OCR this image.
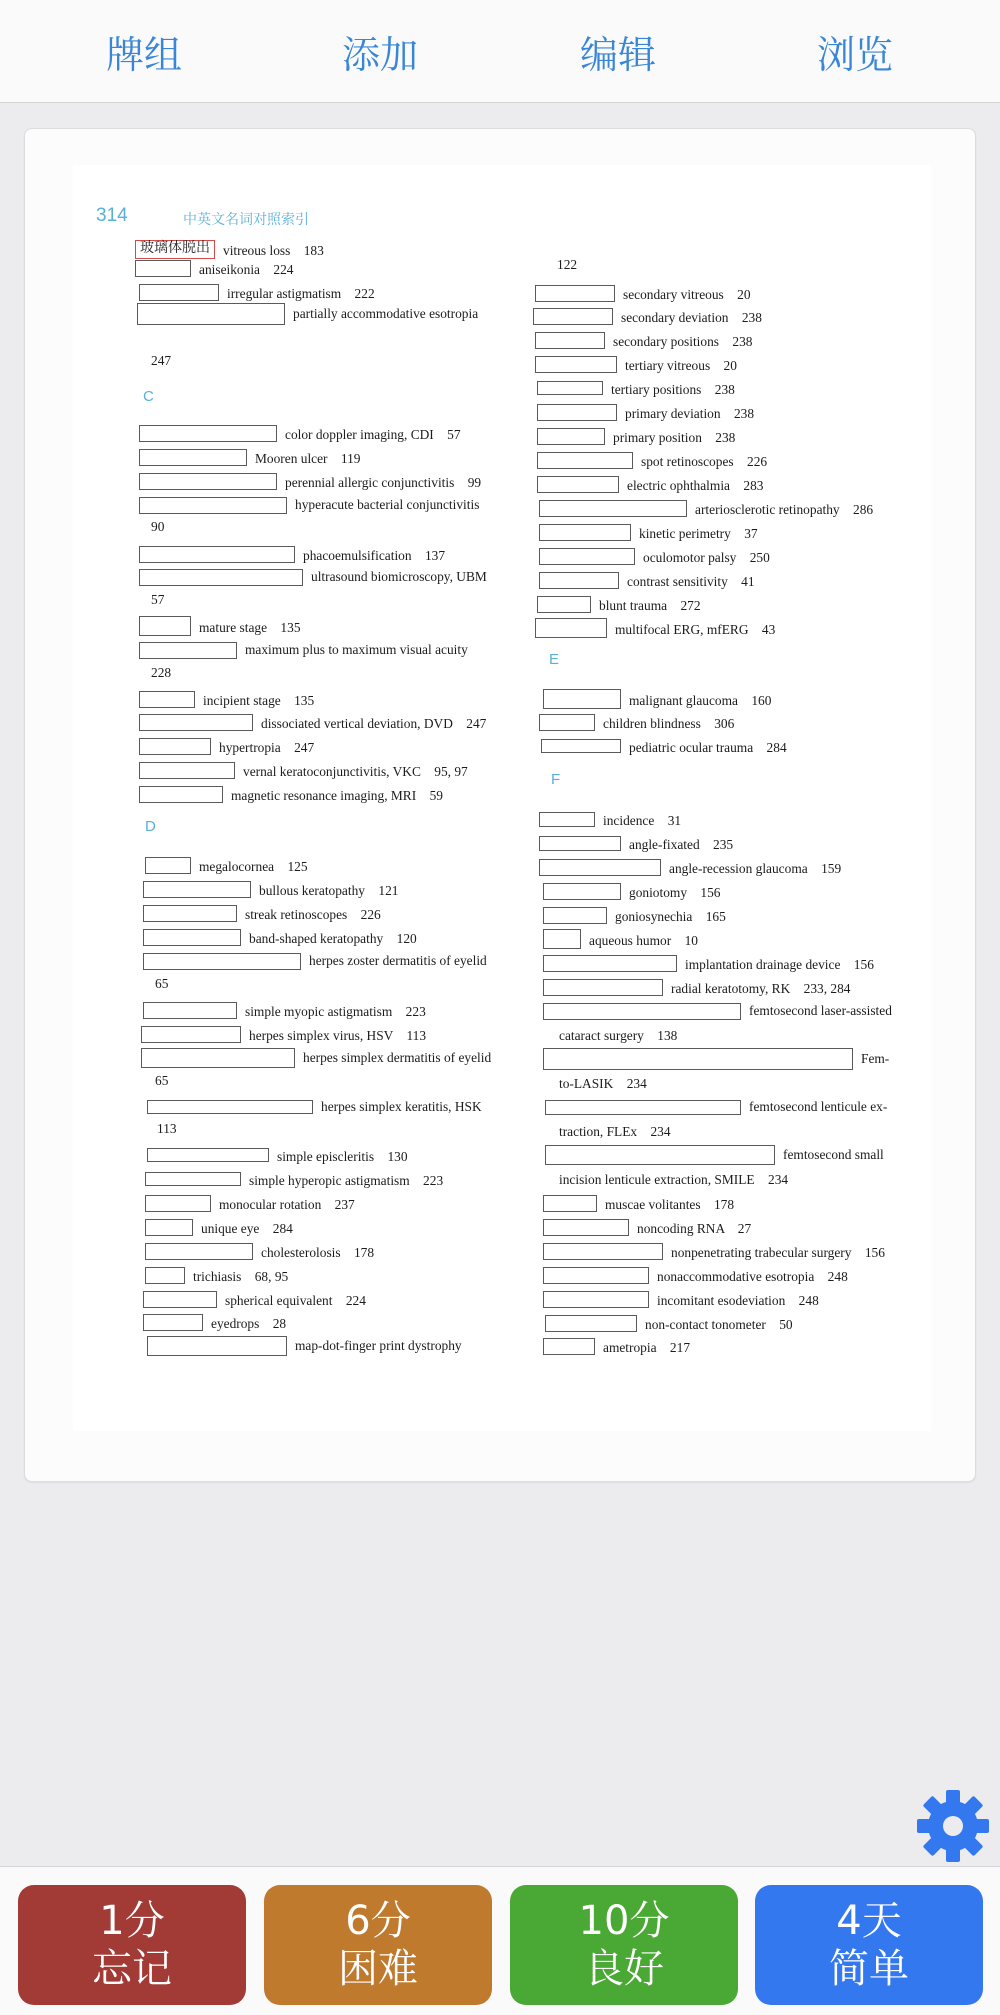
牌组	添加	编辑	浏览
314	中英文名词对照索引
玻璃体脱出 vitreous loss　183
aniseikonia　224
irregular astigmatism　222
partially accommodative esotropia
247
C
color doppler imaging, CDI　57
Mooren ulcer　119
perennial allergic conjunctivitis　99
hyperacute bacterial conjunctivitis
90
phacoemulsification　137
ultrasound biomicroscopy, UBM
57
mature stage　135
maximum plus to maximum visual acuity
228
incipient stage　135
dissociated vertical deviation, DVD　247
hypertropia　247
vernal keratoconjunctivitis, VKC　95, 97
magnetic resonance imaging, MRI　59
D
megalocornea　125
bullous keratopathy　121
streak retinoscopes　226
band-shaped keratopathy　120
herpes zoster dermatitis of eyelid
65
simple myopic astigmatism　223
herpes simplex virus, HSV　113
herpes simplex dermatitis of eyelid
65
herpes simplex keratitis, HSK
113
simple episcleritis　130
simple hyperopic astigmatism　223
monocular rotation　237
unique eye　284
cholesterolosis　178
trichiasis　68, 95
spherical equivalent　224
eyedrops　28
map-dot-finger print dystrophy
122
secondary vitreous　20
secondary deviation　238
secondary positions　238
tertiary vitreous　20
tertiary positions　238
primary deviation　238
primary position　238
spot retinoscopes　226
electric ophthalmia　283
arteriosclerotic retinopathy　286
kinetic perimetry　37
oculomotor palsy　250
contrast sensitivity　41
blunt trauma　272
multifocal ERG, mfERG　43
E
malignant glaucoma　160
children blindness　306
pediatric ocular trauma　284
F
incidence　31
angle-fixated　235
angle-recession glaucoma　159
goniotomy　156
goniosynechia　165
aqueous humor　10
implantation drainage device　156
radial keratotomy, RK　233, 284
femtosecond laser-assisted
cataract surgery　138
Fem-
to-LASIK　234
femtosecond lenticule ex-
traction, FLEx　234
femtosecond small
incision lenticule extraction, SMILE　234
muscae volitantes　178
noncoding RNA　27
nonpenetrating trabecular surgery　156
nonaccommodative esotropia　248
incomitant esodeviation　248
non-contact tonometer　50
ametropia　217
1分
忘记
6分
困难
10分
良好
4天
简单
